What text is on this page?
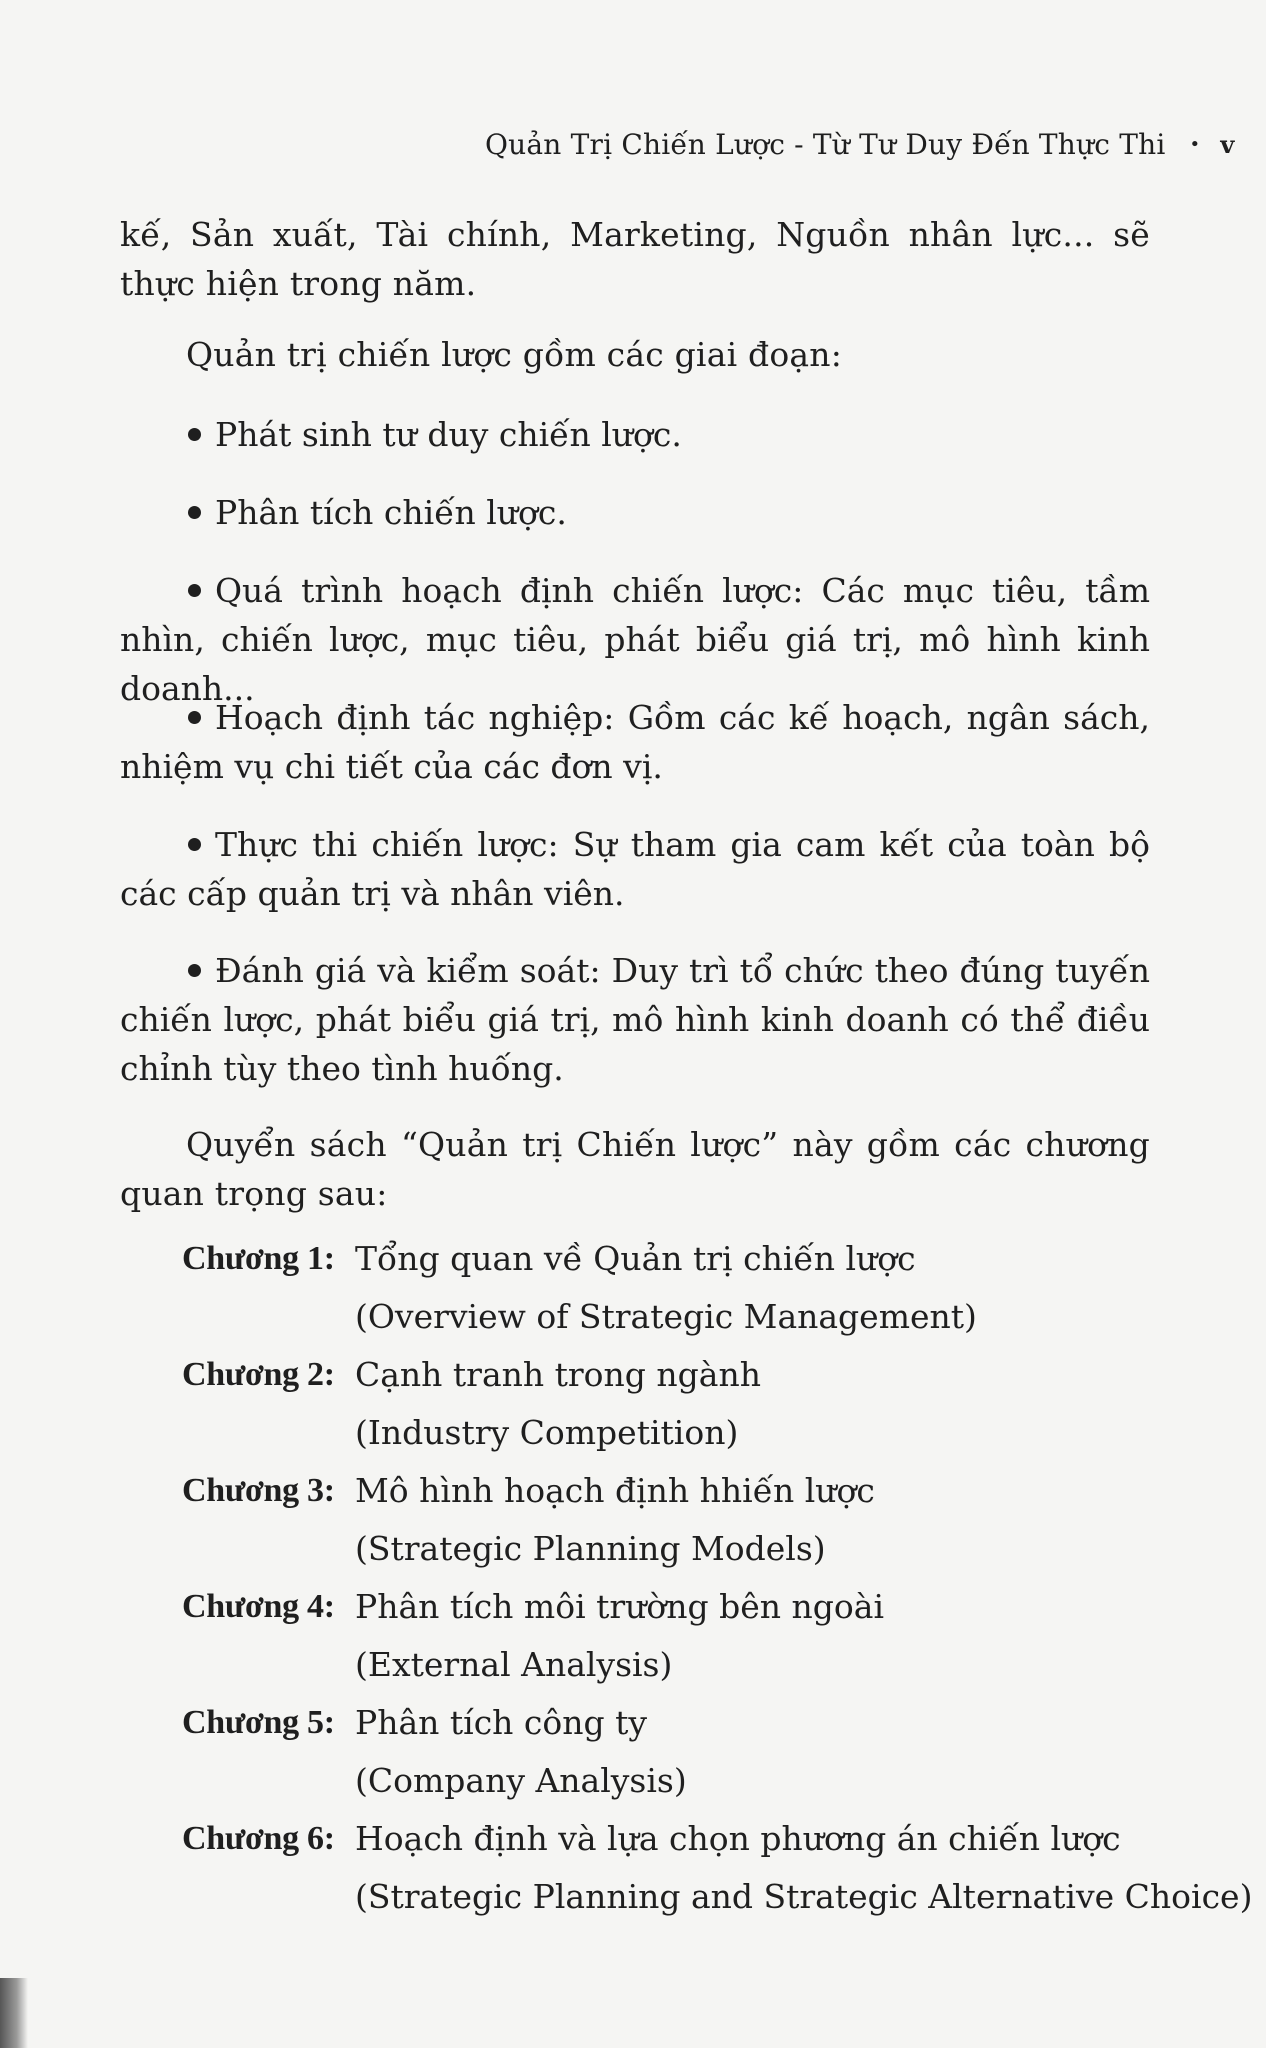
Quản Trị Chiến Lược - Từ Tư Duy Đến Thực Thi • v

kế, Sản xuất, Tài chính, Marketing, Nguồn nhân lực... sẽ thực hiện trong năm.

Quản trị chiến lược gồm các giai đoạn:

Phát sinh tư duy chiến lược.
Phân tích chiến lược.
Quá trình hoạch định chiến lược: Các mục tiêu, tầm nhìn, chiến lược, mục tiêu, phát biểu giá trị, mô hình kinh doanh...
Hoạch định tác nghiệp: Gồm các kế hoạch, ngân sách, nhiệm vụ chi tiết của các đơn vị.
Thực thi chiến lược: Sự tham gia cam kết của toàn bộ các cấp quản trị và nhân viên.
Đánh giá và kiểm soát: Duy trì tổ chức theo đúng tuyến chiến lược, phát biểu giá trị, mô hình kinh doanh có thể điều chỉnh tùy theo tình huống.

Quyển sách “Quản trị Chiến lược” này gồm các chương quan trọng sau:

Chương 1: Tổng quan về Quản trị chiến lược
(Overview of Strategic Management)
Chương 2: Cạnh tranh trong ngành
(Industry Competition)
Chương 3: Mô hình hoạch định hhiến lược
(Strategic Planning Models)
Chương 4: Phân tích môi trường bên ngoài
(External Analysis)
Chương 5: Phân tích công ty
(Company Analysis)
Chương 6: Hoạch định và lựa chọn phương án chiến lược
(Strategic Planning and Strategic Alternative Choice)
